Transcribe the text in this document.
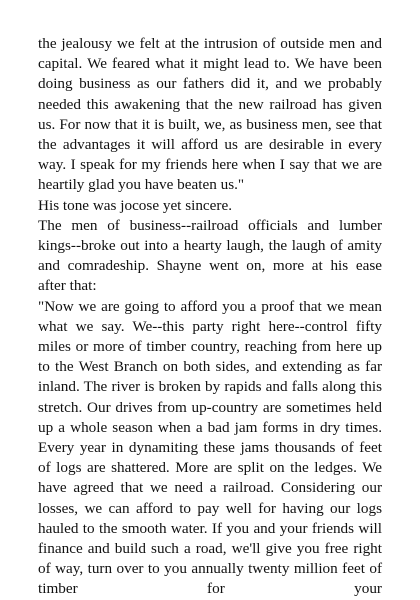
the jealousy we felt at the intrusion of outside men and capital. We feared what it might lead to. We have been doing business as our fathers did it, and we probably needed this awakening that the new railroad has given us. For now that it is built, we, as business men, see that the advantages it will afford us are desirable in every way. I speak for my friends here when I say that we are heartily glad you have beaten us."

His tone was jocose yet sincere.

The men of business--railroad officials and lumber kings--broke out into a hearty laugh, the laugh of amity and comradeship. Shayne went on, more at his ease after that:

"Now we are going to afford you a proof that we mean what we say. We--this party right here--control fifty miles or more of timber country, reaching from here up to the West Branch on both sides, and extending as far inland. The river is broken by rapids and falls along this stretch. Our drives from up-country are sometimes held up a whole season when a bad jam forms in dry times. Every year in dynamiting these jams thousands of feet of logs are shattered. More are split on the ledges. We have agreed that we need a railroad. Considering our losses, we can afford to pay well for having our logs hauled to the smooth water. If you and your friends will finance and build such a road, we'll give you free right of way, turn over to you annually twenty million feet of timber for your
